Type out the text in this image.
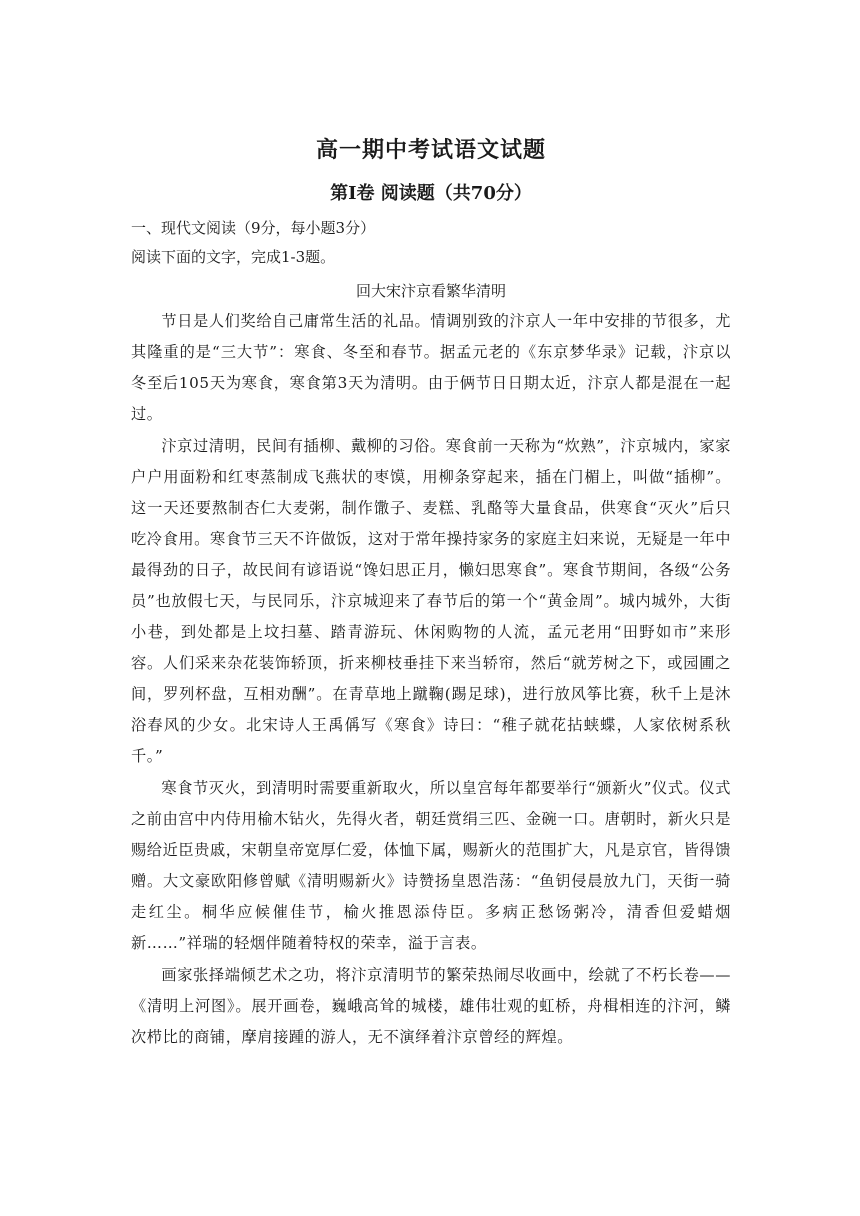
高一期中考试语文试题
第Ⅰ卷 阅读题（共70分）

一、现代文阅读（9分，每小题3分）

阅读下面的文字，完成1-3题。

回大宋汴京看繁华清明

节日是人们奖给自己庸常生活的礼品。情调别致的汴京人一年中安排的节很多，尤其隆重的是“三大节”：寒食、冬至和春节。据孟元老的《东京梦华录》记载，汴京以冬至后105天为寒食，寒食第3天为清明。由于俩节日日期太近，汴京人都是混在一起过。

汴京过清明，民间有插柳、戴柳的习俗。寒食前一天称为“炊熟”，汴京城内，家家户户用面粉和红枣蒸制成飞燕状的枣馍，用柳条穿起来，插在门楣上，叫做“插柳”。这一天还要熬制杏仁大麦粥，制作馓子、麦糕、乳酪等大量食品，供寒食“灭火”后只吃冷食用。寒食节三天不许做饭，这对于常年操持家务的家庭主妇来说，无疑是一年中最得劲的日子，故民间有谚语说“馋妇思正月，懒妇思寒食”。寒食节期间，各级“公务员”也放假七天，与民同乐，汴京城迎来了春节后的第一个“黄金周”。城内城外，大街小巷，到处都是上坟扫墓、踏青游玩、休闲购物的人流，孟元老用“田野如市”来形容。人们采来杂花装饰轿顶，折来柳枝垂挂下来当轿帘，然后“就芳树之下，或园圃之间，罗列杯盘，互相劝酬”。在青草地上蹴鞠(踢足球)，进行放风筝比赛，秋千上是沐浴春风的少女。北宋诗人王禹偁写《寒食》诗曰：“稚子就花拈蛱蝶，人家依树系秋千。”

寒食节灭火，到清明时需要重新取火，所以皇宫每年都要举行“颁新火”仪式。仪式之前由宫中内侍用榆木钻火，先得火者，朝廷赏绢三匹、金碗一口。唐朝时，新火只是赐给近臣贵戚，宋朝皇帝宽厚仁爱，体恤下属，赐新火的范围扩大，凡是京官，皆得馈赠。大文豪欧阳修曾赋《清明赐新火》诗赞扬皇恩浩荡：“鱼钥侵晨放九门，天街一骑走红尘。桐华应候催佳节，榆火推恩添侍臣。多病正愁饧粥冷，清香但爱蜡烟新……”祥瑞的轻烟伴随着特权的荣幸，溢于言表。

画家张择端倾艺术之功，将汴京清明节的繁荣热闹尽收画中，绘就了不朽长卷——《清明上河图》。展开画卷，巍峨高耸的城楼，雄伟壮观的虹桥，舟楫相连的汴河，鳞次栉比的商铺，摩肩接踵的游人，无不演绎着汴京曾经的辉煌。
